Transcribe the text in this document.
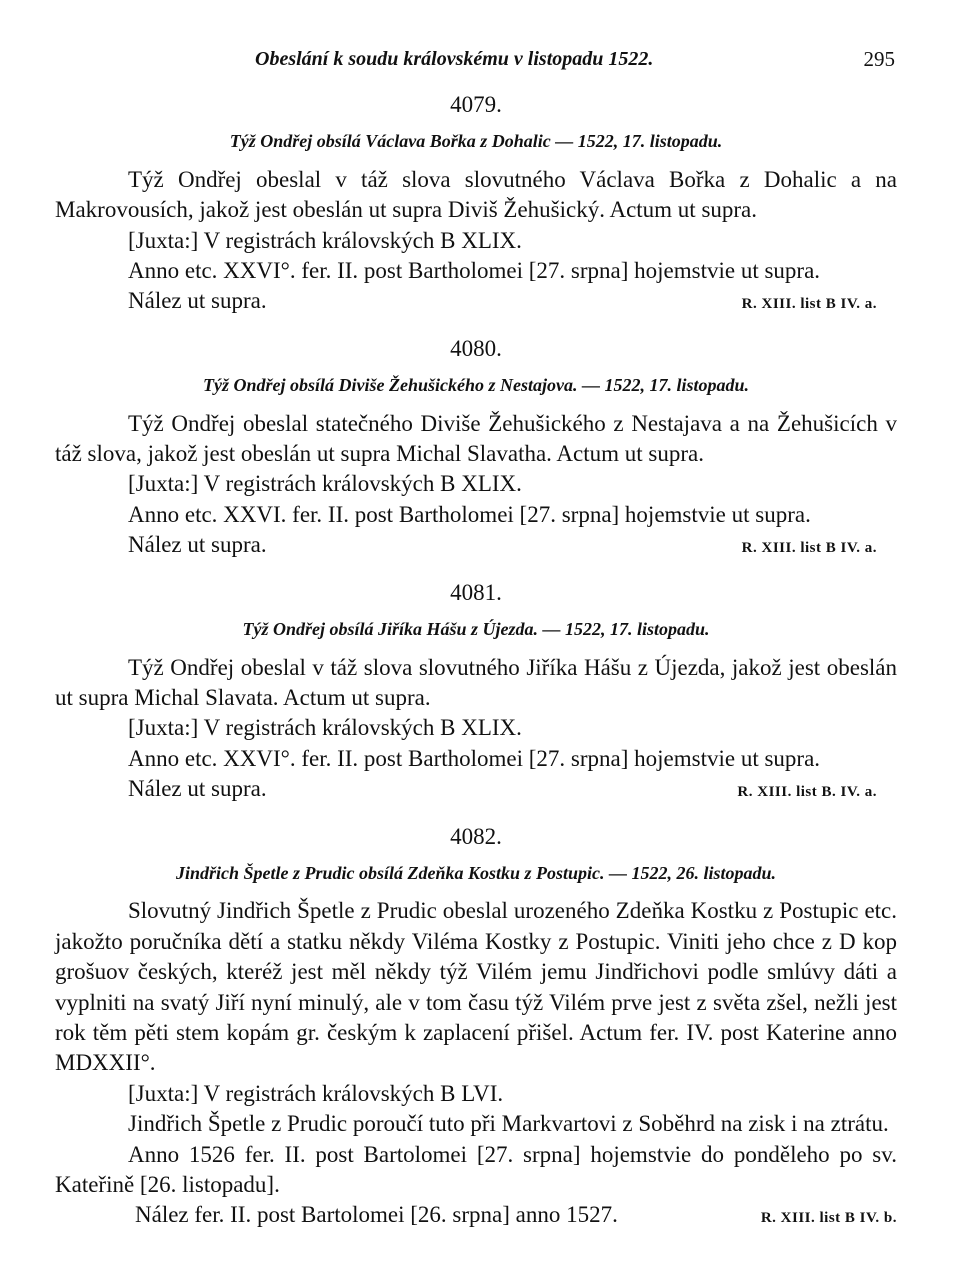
Obeslání k soudu královskému v listopadu 1522.	295
4079.
Týž Ondřej obsílá Václava Bořka z Dohalic — 1522, 17. listopadu.

Týž Ondřej obeslal v táž slova slovutného Václava Bořka z Dohalic a na Makrovousích, jakož jest obeslán ut supra Diviš Žehušický. Actum ut supra.

[Juxta:] V registrách královských B XLIX.
Anno etc. XXVI°. fer. II. post Bartholomei [27. srpna] hojemstvie ut supra.
Nález ut supra.	R. XIII. list B IV. a.
4080.
Týž Ondřej obsílá Diviše Žehušického z Nestajova. — 1522, 17. listopadu.

Týž Ondřej obeslal statečného Diviše Žehušického z Nestajava a na Žehušicích v táž slova, jakož jest obeslán ut supra Michal Slavatha. Actum ut supra.

[Juxta:] V registrách královských B XLIX.
Anno etc. XXVI. fer. II. post Bartholomei [27. srpna] hojemstvie ut supra.
Nález ut supra.	R. XIII. list B IV. a.
4081.
Týž Ondřej obsílá Jiříka Hášu z Újezda. — 1522, 17. listopadu.

Týž Ondřej obeslal v táž slova slovutného Jiříka Hášu z Újezda, jakož jest obeslán ut supra Michal Slavata. Actum ut supra.

[Juxta:] V registrách královských B XLIX.
Anno etc. XXVI°. fer. II. post Bartholomei [27. srpna] hojemstvie ut supra.
Nález ut supra.	R. XIII. list B. IV. a.
4082.
Jindřich Špetle z Prudic obsílá Zdeňka Kostku z Postupic. — 1522, 26. listopadu.

Slovutný Jindřich Špetle z Prudic obeslal urozeného Zdeňka Kostku z Postupic etc. jakožto poručníka dětí a statku někdy Viléma Kostky z Postupic. Viniti jeho chce z D kop grošuov českých, kteréž jest měl někdy týž Vilém jemu Jindřichovi podle smlúvy dáti a vyplniti na svatý Jiří nyní minulý, ale v tom času týž Vilém prve jest z světa zšel, nežli jest rok těm pěti stem kopám gr. českým k zaplacení přišel. Actum fer. IV. post Katerine anno MDXXII°.

[Juxta:] V registrách královských B LVI.

Jindřich Špetle z Prudic poroučí tuto při Markvartovi z Soběhrd na zisk i na ztrátu.

Anno 1526 fer. II. post Bartolomei [27. srpna] hojemstvie do ponděleho po sv. Kateřině [26. listopadu].

Nález fer. II. post Bartolomei [26. srpna] anno 1527.	R. XIII. list B IV. b.
